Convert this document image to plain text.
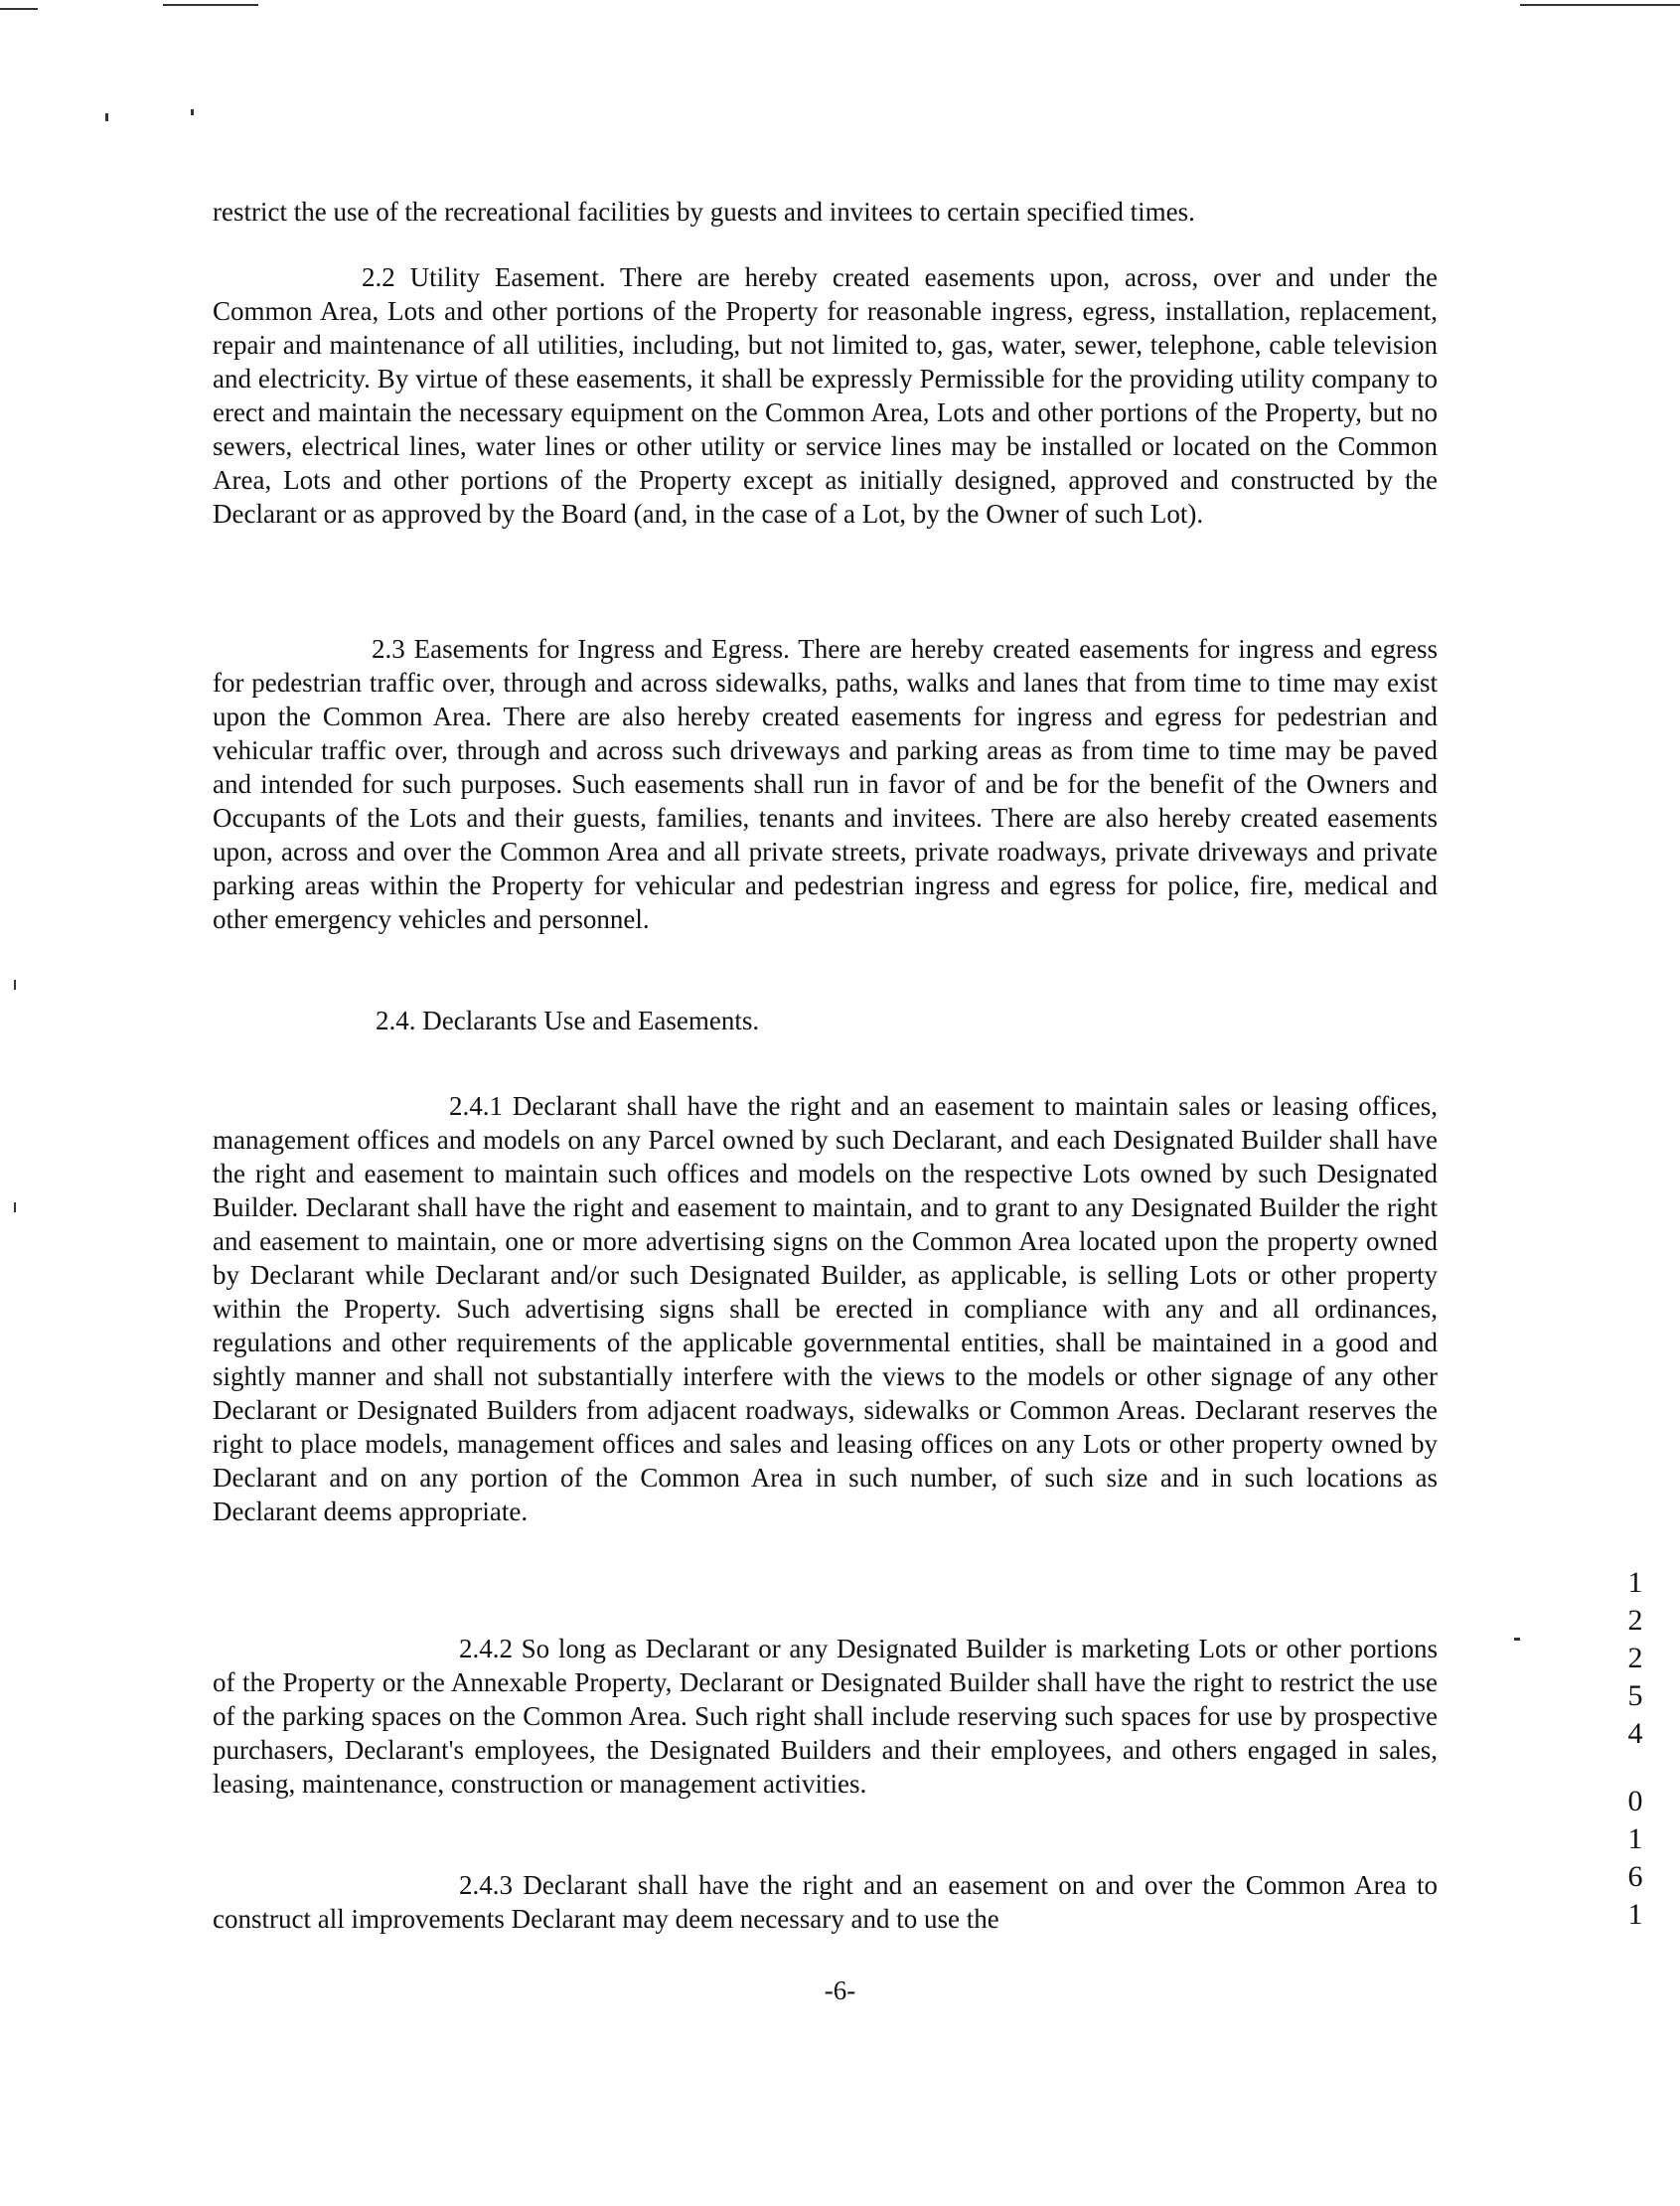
restrict the use of the recreational facilities by guests and invitees to certain specified times.

2.2 Utility Easement. There are hereby created easements upon, across, over and under the Common Area, Lots and other portions of the Property for reasonable ingress, egress, installation, replacement, repair and maintenance of all utilities, including, but not limited to, gas, water, sewer, telephone, cable television and electricity. By virtue of these easements, it shall be expressly Permissible for the providing utility company to erect and maintain the necessary equipment on the Common Area, Lots and other portions of the Property, but no sewers, electrical lines, water lines or other utility or service lines may be installed or located on the Common Area, Lots and other portions of the Property except as initially designed, approved and constructed by the Declarant or as approved by the Board (and, in the case of a Lot, by the Owner of such Lot).

2.3 Easements for Ingress and Egress. There are hereby created easements for ingress and egress for pedestrian traffic over, through and across sidewalks, paths, walks and lanes that from time to time may exist upon the Common Area. There are also hereby created easements for ingress and egress for pedestrian and vehicular traffic over, through and across such driveways and parking areas as from time to time may be paved and intended for such purposes. Such easements shall run in favor of and be for the benefit of the Owners and Occupants of the Lots and their guests, families, tenants and invitees. There are also hereby created easements upon, across and over the Common Area and all private streets, private roadways, private driveways and private parking areas within the Property for vehicular and pedestrian ingress and egress for police, fire, medical and other emergency vehicles and personnel.

2.4. Declarants Use and Easements.

2.4.1 Declarant shall have the right and an easement to maintain sales or leasing offices, management offices and models on any Parcel owned by such Declarant, and each Designated Builder shall have the right and easement to maintain such offices and models on the respective Lots owned by such Designated Builder. Declarant shall have the right and easement to maintain, and to grant to any Designated Builder the right and easement to maintain, one or more advertising signs on the Common Area located upon the property owned by Declarant while Declarant and/or such Designated Builder, as applicable, is selling Lots or other property within the Property. Such advertising signs shall be erected in compliance with any and all ordinances, regulations and other requirements of the applicable governmental entities, shall be maintained in a good and sightly manner and shall not substantially interfere with the views to the models or other signage of any other Declarant or Designated Builders from adjacent roadways, sidewalks or Common Areas. Declarant reserves the right to place models, management offices and sales and leasing offices on any Lots or other property owned by Declarant and on any portion of the Common Area in such number, of such size and in such locations as Declarant deems appropriate.

2.4.2 So long as Declarant or any Designated Builder is marketing Lots or other portions of the Property or the Annexable Property, Declarant or Designated Builder shall have the right to restrict the use of the parking spaces on the Common Area. Such right shall include reserving such spaces for use by prospective purchasers, Declarant's employees, the Designated Builders and their employees, and others engaged in sales, leasing, maintenance, construction or management activities.

2.4.3 Declarant shall have the right and an easement on and over the Common Area to construct all improvements Declarant may deem necessary and to use the

-6-
1
2
2
5
4
0
1
6
1
